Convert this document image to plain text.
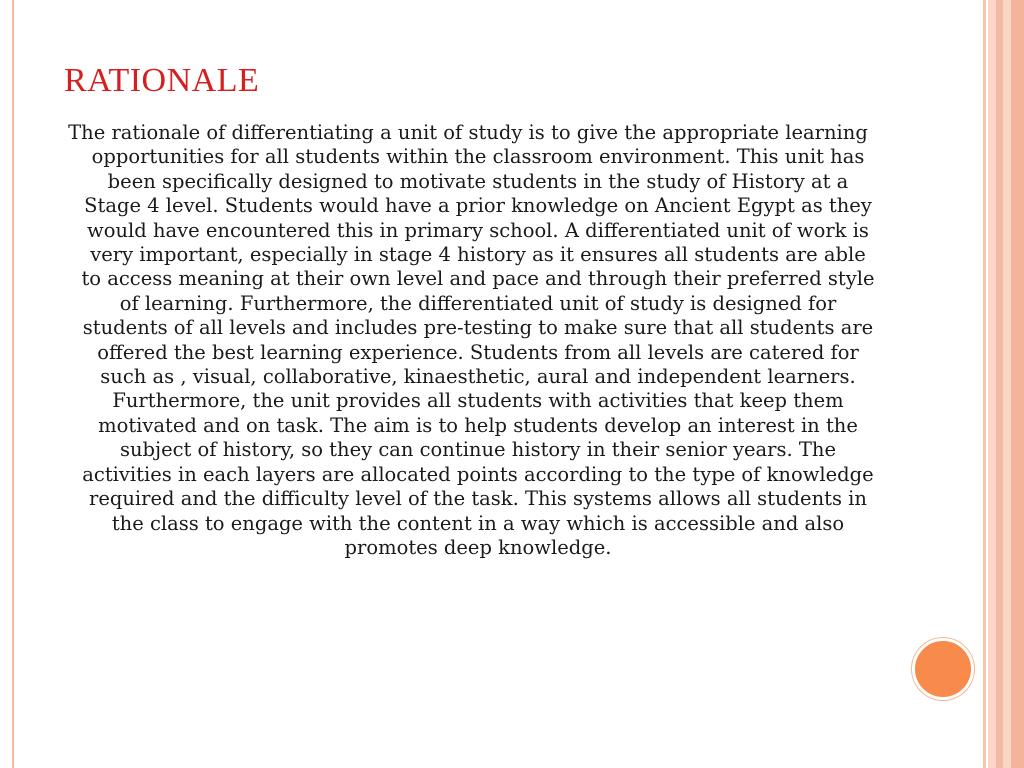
RATIONALE

The rationale of differentiating a unit of study is to give the appropriate learning opportunities for all students within the classroom environment. This unit has been specifically designed to motivate students in the study of History at a Stage 4 level. Students would have a prior knowledge on Ancient Egypt as they would have encountered this in primary school. A differentiated unit of work is very important, especially in stage 4 history as it ensures all students are able to access meaning at their own level and pace and through their preferred style of learning. Furthermore, the differentiated unit of study is designed for students of all levels and includes pre-testing to make sure that all students are offered the best learning experience. Students from all levels are catered for such as , visual, collaborative, kinaesthetic, aural and independent learners. Furthermore, the unit provides all students with activities that keep them motivated and on task. The aim is to help students develop an interest in the subject of history, so they can continue history in their senior years. The activities in each layers are allocated points according to the type of knowledge required and the difficulty level of the task. This systems allows all students in the class to engage with the content in a way which is accessible and also promotes deep knowledge.
